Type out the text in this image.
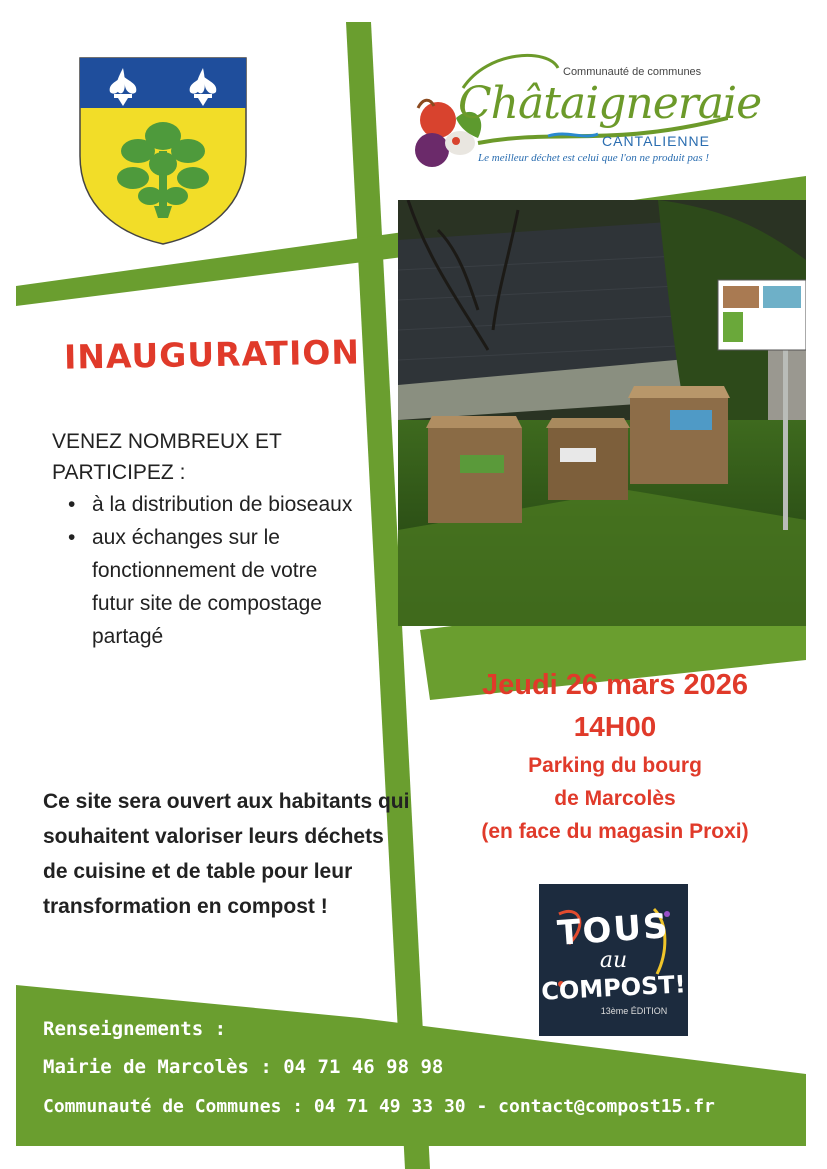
Communauté de communes
Châtaigneraie
CANTALIENNE
Le meilleur déchet est celui que l'on ne produit pas !
INAUGURATION
VENEZ NOMBREUX ET
PARTICIPEZ :
• à la distribution de bioseaux
• aux échanges sur le fonctionnement de votre futur site de compostage partagé
Jeudi 26 mars 2026
14H00
Parking du bourg
de Marcolès
(en face du magasin Proxi)
Ce site sera ouvert aux habitants qui souhaitent valoriser leurs déchets de cuisine et de table pour leur transformation en compost !	TOUS
au
COMPOST!
13ème ÉDITION
Renseignements :
Mairie de Marcolès : 04 71 46 98 98
Communauté de Communes : 04 71 49 33 30 - contact@compost15.fr
